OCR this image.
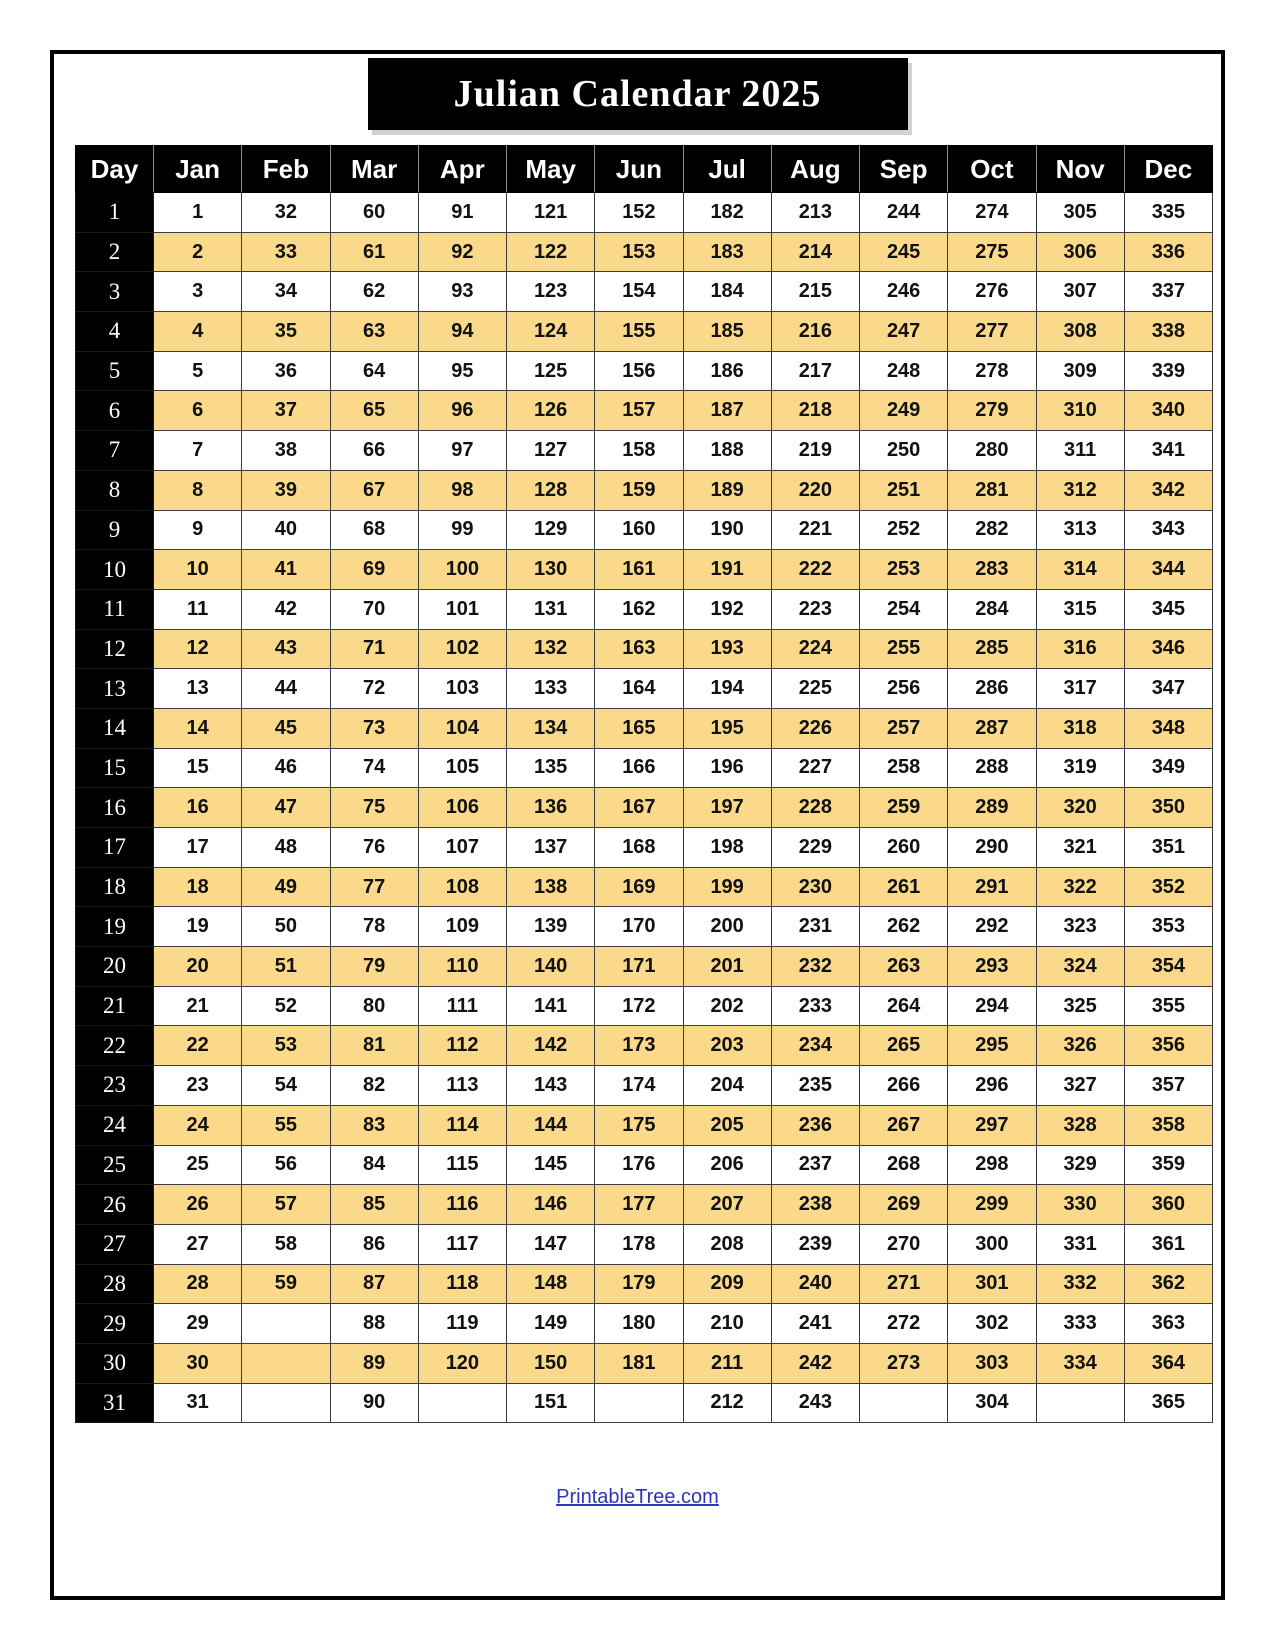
Julian Calendar 2025
Day	Jan	Feb	Mar	Apr	May	Jun	Jul	Aug	Sep	Oct	Nov	Dec
1	1	32	60	91	121	152	182	213	244	274	305	335
2	2	33	61	92	122	153	183	214	245	275	306	336
3	3	34	62	93	123	154	184	215	246	276	307	337
4	4	35	63	94	124	155	185	216	247	277	308	338
5	5	36	64	95	125	156	186	217	248	278	309	339
6	6	37	65	96	126	157	187	218	249	279	310	340
7	7	38	66	97	127	158	188	219	250	280	311	341
8	8	39	67	98	128	159	189	220	251	281	312	342
9	9	40	68	99	129	160	190	221	252	282	313	343
10	10	41	69	100	130	161	191	222	253	283	314	344
11	11	42	70	101	131	162	192	223	254	284	315	345
12	12	43	71	102	132	163	193	224	255	285	316	346
13	13	44	72	103	133	164	194	225	256	286	317	347
14	14	45	73	104	134	165	195	226	257	287	318	348
15	15	46	74	105	135	166	196	227	258	288	319	349
16	16	47	75	106	136	167	197	228	259	289	320	350
17	17	48	76	107	137	168	198	229	260	290	321	351
18	18	49	77	108	138	169	199	230	261	291	322	352
19	19	50	78	109	139	170	200	231	262	292	323	353
20	20	51	79	110	140	171	201	232	263	293	324	354
21	21	52	80	111	141	172	202	233	264	294	325	355
22	22	53	81	112	142	173	203	234	265	295	326	356
23	23	54	82	113	143	174	204	235	266	296	327	357
24	24	55	83	114	144	175	205	236	267	297	328	358
25	25	56	84	115	145	176	206	237	268	298	329	359
26	26	57	85	116	146	177	207	238	269	299	330	360
27	27	58	86	117	147	178	208	239	270	300	331	361
28	28	59	87	118	148	179	209	240	271	301	332	362
29	29		88	119	149	180	210	241	272	302	333	363
30	30		89	120	150	181	211	242	273	303	334	364
31	31		90		151		212	243		304		365
PrintableTree.com
